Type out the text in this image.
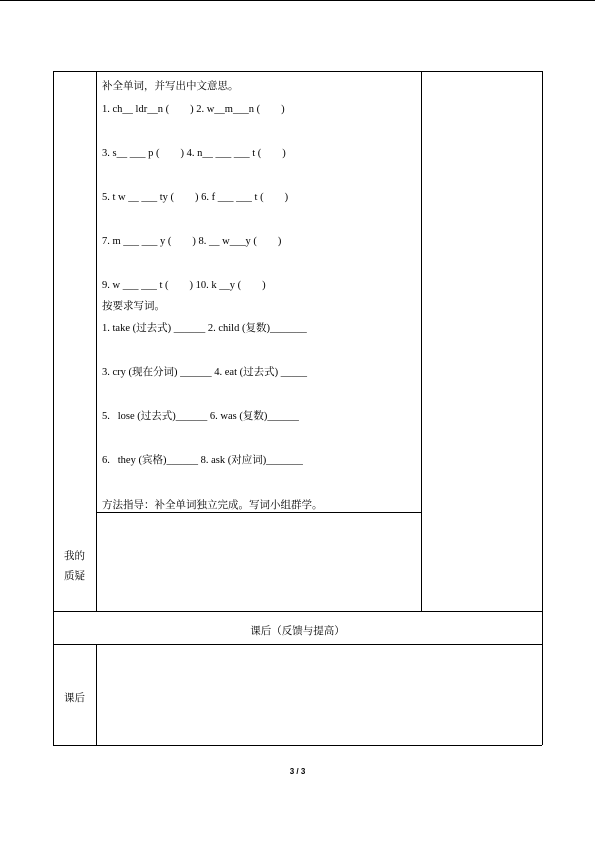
补全单词，并写出中文意思。
1. ch__ ldr__n (        ) 2. w__m___n (        )
3. s__ ___ p (        ) 4. n__ ___ ___ t (        )
5. t w __ ___ ty (        ) 6. f ___ ___ t (        )
7. m ___ ___ y (        ) 8. __ w___y (        )
9. w ___ ___ t (        ) 10. k __y (        )
按要求写词。
1. take (过去式) ______ 2. child (复数)_______
3. cry (现在分词) ______ 4. eat (过去式) _____
5.   lose (过去式)______ 6. was (复数)______
6.   they (宾格)______ 8. ask (对应词)_______
方法指导：补全单词独立完成。写词小组群学。
我的
质疑
课后（反馈与提高）
课后
3 / 3
